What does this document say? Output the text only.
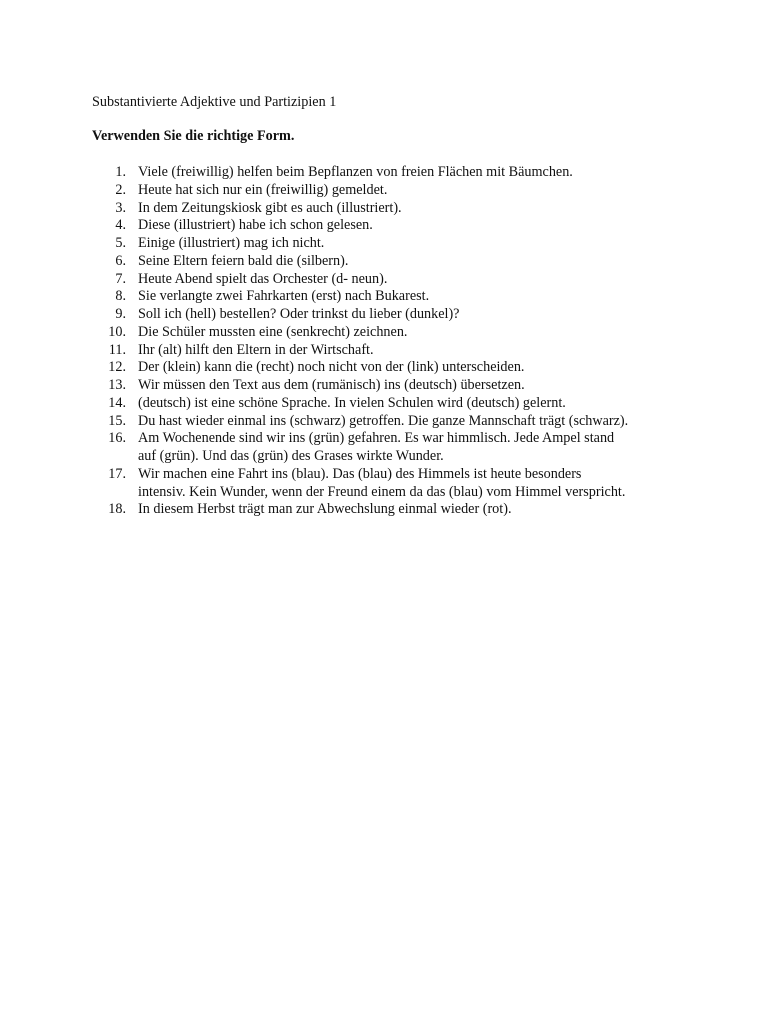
Substantivierte Adjektive und Partizipien 1
Verwenden Sie die richtige Form.
1. Viele (freiwillig) helfen beim Bepflanzen von freien Flächen mit Bäumchen.
2. Heute hat sich nur ein (freiwillig) gemeldet.
3. In dem Zeitungskiosk gibt es auch (illustriert).
4. Diese (illustriert) habe ich schon gelesen.
5. Einige (illustriert) mag ich nicht.
6. Seine Eltern feiern bald die (silbern).
7. Heute Abend spielt das Orchester (d- neun).
8. Sie verlangte zwei Fahrkarten (erst) nach Bukarest.
9. Soll ich (hell) bestellen? Oder trinkst du lieber (dunkel)?
10. Die Schüler mussten eine (senkrecht) zeichnen.
11. Ihr (alt) hilft den Eltern in der Wirtschaft.
12. Der (klein) kann die (recht) noch nicht von der (link) unterscheiden.
13. Wir müssen den Text aus dem (rumänisch) ins (deutsch) übersetzen.
14. (deutsch) ist eine schöne Sprache. In vielen Schulen wird (deutsch) gelernt.
15. Du hast wieder einmal ins (schwarz) getroffen. Die ganze Mannschaft trägt (schwarz).
16. Am Wochenende sind wir ins (grün) gefahren. Es war himmlisch. Jede Ampel stand
auf (grün). Und das (grün) des Grases wirkte Wunder.
17. Wir machen eine Fahrt ins (blau). Das (blau) des Himmels ist heute besonders
intensiv. Kein Wunder, wenn der Freund einem da das (blau) vom Himmel verspricht.
18. In diesem Herbst trägt man zur Abwechslung einmal wieder (rot).
